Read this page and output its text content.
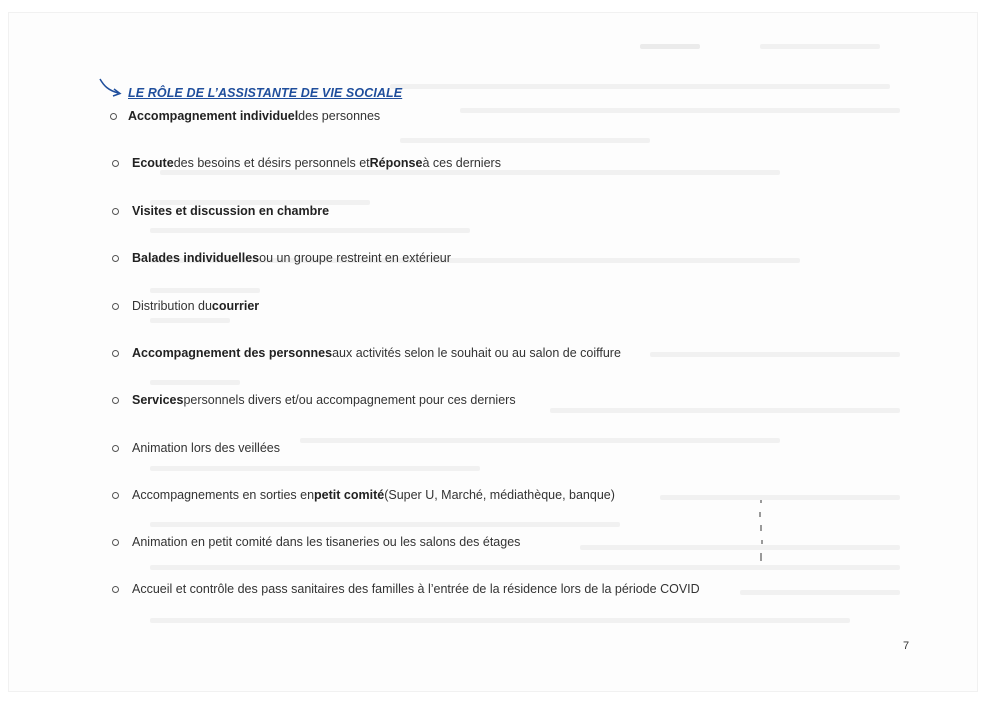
LE RÔLE DE L’ASSISTANTE DE VIE SOCIALE
Accompagnement individuel des personnes
Ecoute des besoins et désirs personnels et Réponse à ces derniers
Visites et discussion en chambre
Balades individuelles ou un groupe restreint en extérieur
Distribution du courrier
Accompagnement des personnes aux activités selon le souhait ou au salon de coiffure
Services personnels divers et/ou accompagnement pour ces derniers
Animation lors des veillées
Accompagnements en sorties en petit comité (Super U, Marché, médiathèque, banque)
Animation en petit comité dans les tisaneries ou les salons des étages
Accueil et contrôle des pass sanitaires des familles à l’entrée de la résidence lors de la période COVID
7
